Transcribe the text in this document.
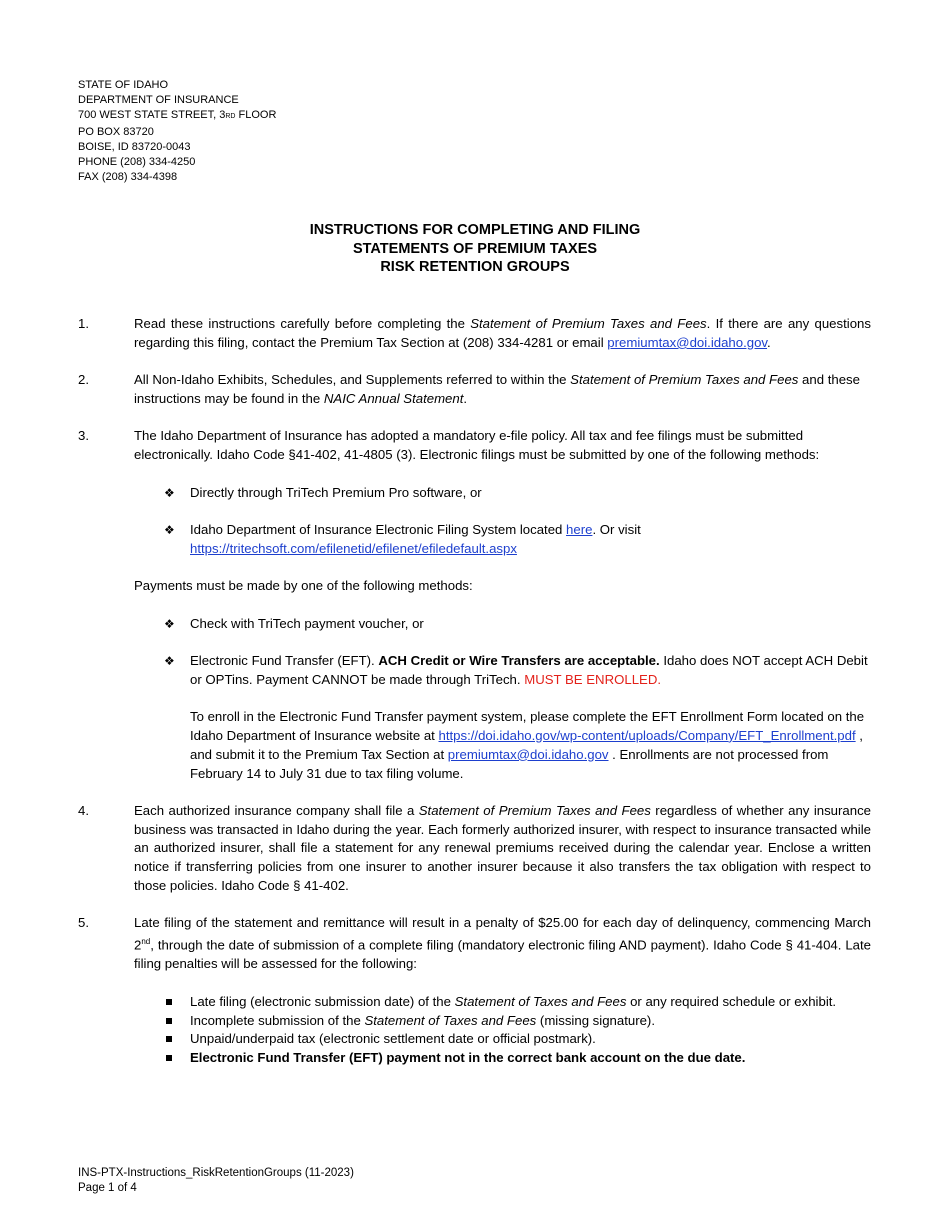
STATE OF IDAHO
DEPARTMENT OF INSURANCE
700 WEST STATE STREET, 3RD FLOOR
PO BOX 83720
BOISE, ID 83720-0043
PHONE (208) 334-4250
FAX (208) 334-4398
INSTRUCTIONS FOR COMPLETING AND FILING
STATEMENTS OF PREMIUM TAXES
RISK RETENTION GROUPS
1.	Read these instructions carefully before completing the Statement of Premium Taxes and Fees. If there are any questions regarding this filing, contact the Premium Tax Section at (208) 334-4281 or email premiumtax@doi.idaho.gov.
2.	All Non-Idaho Exhibits, Schedules, and Supplements referred to within the Statement of Premium Taxes and Fees and these instructions may be found in the NAIC Annual Statement.
3.	The Idaho Department of Insurance has adopted a mandatory e-file policy. All tax and fee filings must be submitted electronically. Idaho Code §41-402, 41-4805 (3). Electronic filings must be submitted by one of the following methods:
❖ Directly through TriTech Premium Pro software, or
❖ Idaho Department of Insurance Electronic Filing System located here. Or visit
https://tritechsoft.com/efilenetid/efilenet/efiledefault.aspx
Payments must be made by one of the following methods:
❖ Check with TriTech payment voucher, or
❖ Electronic Fund Transfer (EFT). ACH Credit or Wire Transfers are acceptable. Idaho does NOT accept ACH Debit or OPTins. Payment CANNOT be made through TriTech. MUST BE ENROLLED.
To enroll in the Electronic Fund Transfer payment system, please complete the EFT Enrollment Form located on the Idaho Department of Insurance website at https://doi.idaho.gov/wp-content/uploads/Company/EFT_Enrollment.pdf , and submit it to the Premium Tax Section at premiumtax@doi.idaho.gov . Enrollments are not processed from February 14 to July 31 due to tax filing volume.
4.	Each authorized insurance company shall file a Statement of Premium Taxes and Fees regardless of whether any insurance business was transacted in Idaho during the year. Each formerly authorized insurer, with respect to insurance transacted while an authorized insurer, shall file a statement for any renewal premiums received during the calendar year. Enclose a written notice if transferring policies from one insurer to another insurer because it also transfers the tax obligation with respect to those policies. Idaho Code § 41-402.
5.	Late filing of the statement and remittance will result in a penalty of $25.00 for each day of delinquency, commencing March 2nd, through the date of submission of a complete filing (mandatory electronic filing AND payment). Idaho Code § 41-404. Late filing penalties will be assessed for the following:
Late filing (electronic submission date) of the Statement of Taxes and Fees or any required schedule or exhibit.
Incomplete submission of the Statement of Taxes and Fees (missing signature).
Unpaid/underpaid tax (electronic settlement date or official postmark).
Electronic Fund Transfer (EFT) payment not in the correct bank account on the due date.
INS-PTX-Instructions_RiskRetentionGroups (11-2023)
Page 1 of 4
